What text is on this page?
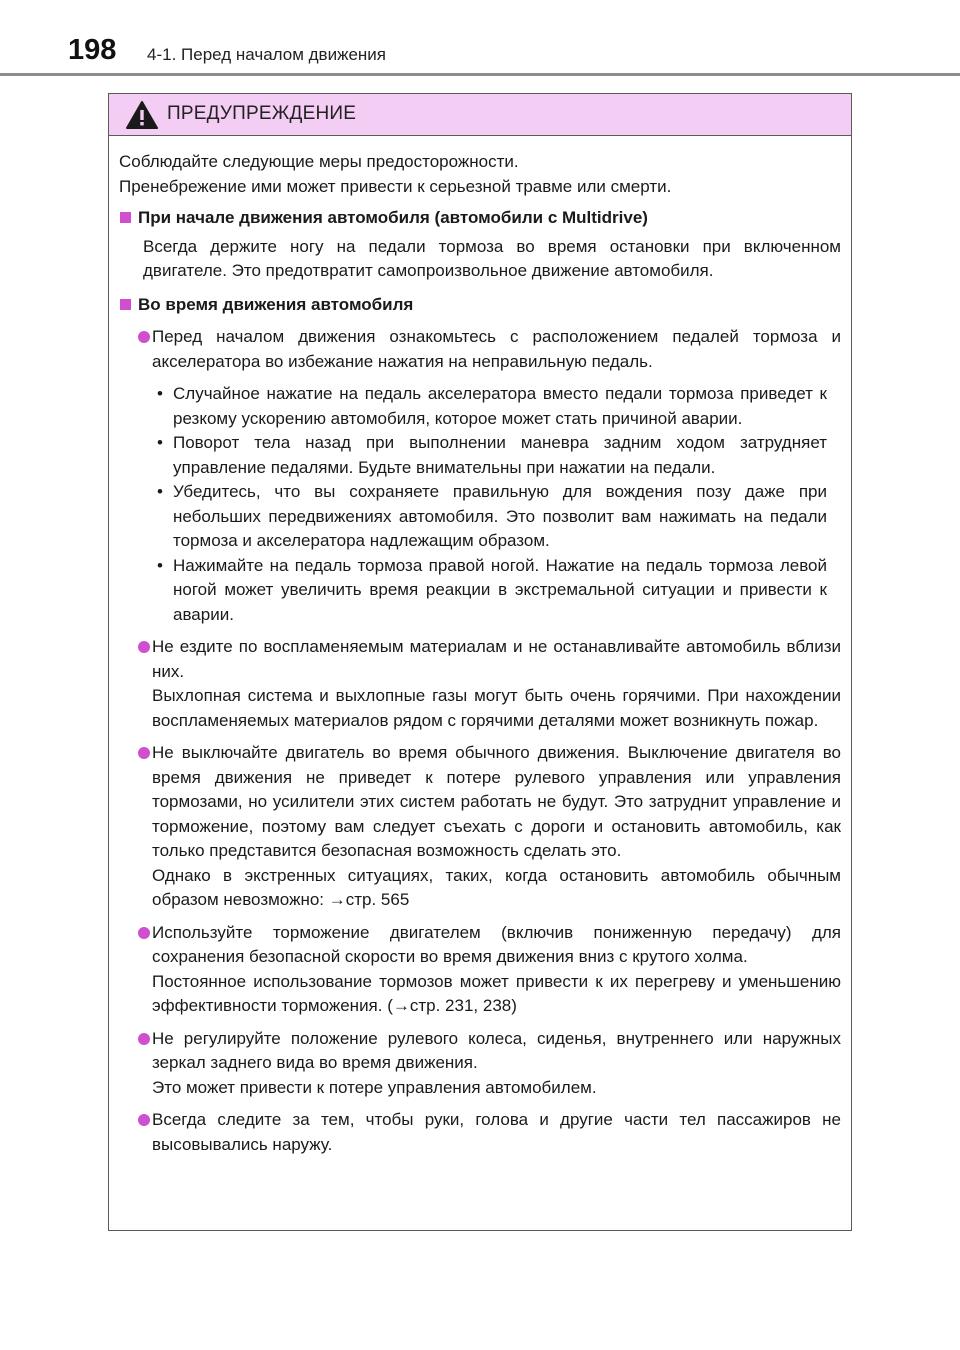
198 4-1. Перед началом движения
ПРЕДУПРЕЖДЕНИЕ

Соблюдайте следующие меры предосторожности.

Пренебрежение ими может привести к серьезной травме или смерти.

При начале движения автомобиля (автомобили с Multidrive)

Всегда держите ногу на педали тормоза во время остановки при включенном двигателе. Это предотвратит самопроизвольное движение автомобиля.

Во время движения автомобиля

Перед началом движения ознакомьтесь с расположением педалей тормоза и акселератора во избежание нажатия на неправильную педаль.

• Случайное нажатие на педаль акселератора вместо педали тормоза приведет к резкому ускорению автомобиля, которое может стать причиной аварии.

• Поворот тела назад при выполнении маневра задним ходом затрудняет управление педалями. Будьте внимательны при нажатии на педали.

• Убедитесь, что вы сохраняете правильную для вождения позу даже при небольших передвижениях автомобиля. Это позволит вам нажимать на педали тормоза и акселератора надлежащим образом.

• Нажимайте на педаль тормоза правой ногой. Нажатие на педаль тормоза левой ногой может увеличить время реакции в экстремальной ситуации и привести к аварии.

Не ездите по воспламеняемым материалам и не останавливайте автомобиль вблизи них.

Выхлопная система и выхлопные газы могут быть очень горячими. При нахождении воспламеняемых материалов рядом с горячими деталями может возникнуть пожар.

Не выключайте двигатель во время обычного движения. Выключение двигателя во время движения не приведет к потере рулевого управления или управления тормозами, но усилители этих систем работать не будут. Это затруднит управление и торможение, поэтому вам следует съехать с дороги и остановить автомобиль, как только представится безопасная возможность сделать это.

Однако в экстренных ситуациях, таких, когда остановить автомобиль обычным образом невозможно: →стр. 565

Используйте торможение двигателем (включив пониженную передачу) для сохранения безопасной скорости во время движения вниз с крутого холма.

Постоянное использование тормозов может привести к их перегреву и уменьшению эффективности торможения. (→стр. 231, 238)

Не регулируйте положение рулевого колеса, сиденья, внутреннего или наружных зеркал заднего вида во время движения.

Это может привести к потере управления автомобилем.

Всегда следите за тем, чтобы руки, голова и другие части тел пассажиров не высовывались наружу.
